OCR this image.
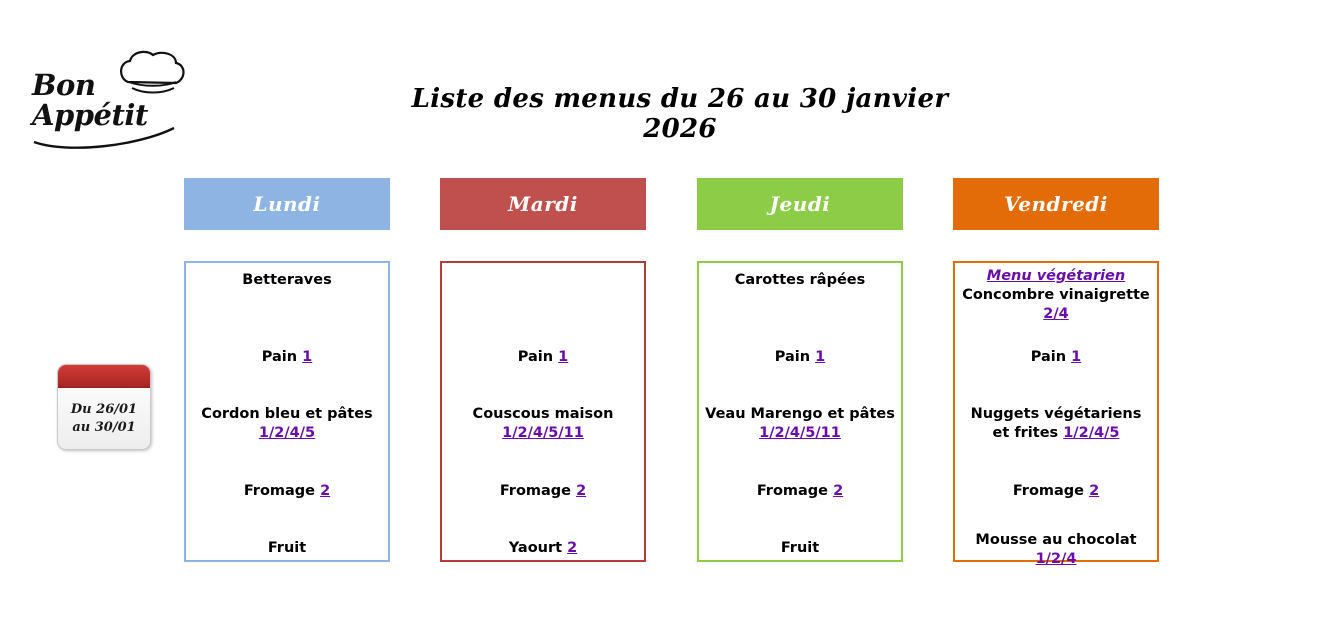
Bon
Appétit	Liste des menus du 26 au 30 janvier 2026
Du 26/01
au 30/01
Lundi
Betteraves
Pain 1
Cordon bleu et pâtes
1/2/4/5
Fromage 2
Fruit
Mardi
Pain 1
Couscous maison
1/2/4/5/11
Fromage 2
Yaourt 2
Jeudi
Carottes râpées
Pain 1
Veau Marengo et pâtes 1/2/4/5/11
Fromage 2
Fruit
Vendredi
Menu végétarien
Concombre vinaigrette
2/4
Pain 1
Nuggets végétariens et frites 1/2/4/5
Fromage 2
Mousse au chocolat
1/2/4
